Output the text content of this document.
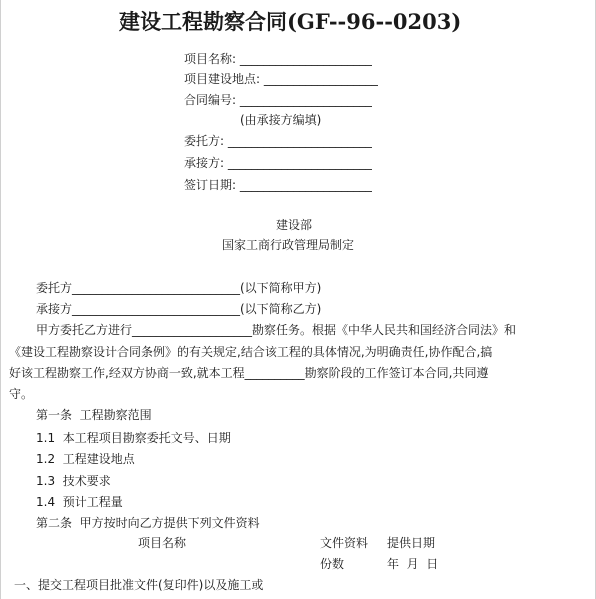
建设工程勘察合同(GF--96--0203)
项目名称: ______________________
项目建设地点: ___________________
合同编号: ______________________
(由承接方编填)
委托方: ________________________
承接方: ________________________
签订日期: ______________________
建设部
国家工商行政管理局制定
委托方____________________________(以下简称甲方)
承接方____________________________(以下简称乙方)
甲方委托乙方进行____________________勘察任务。根据《中华人民共和国经济合同法》和
《建设工程勘察设计合同条例》的有关规定,结合该工程的具体情况,为明确责任,协作配合,搞
好该工程勘察工作,经双方协商一致,就本工程__________勘察阶段的工作签订本合同,共同遵
守。
第一条  工程勘察范围
1.1  本工程项目勘察委托文号、日期
1.2  工程建设地点
1.3  技术要求
1.4  预计工程量
第二条  甲方按时向乙方提供下列文件资料
项目名称	文件资料 提供日期
份数	年  月  日
一、提交工程项目批准文件(复印件)以及施工或
